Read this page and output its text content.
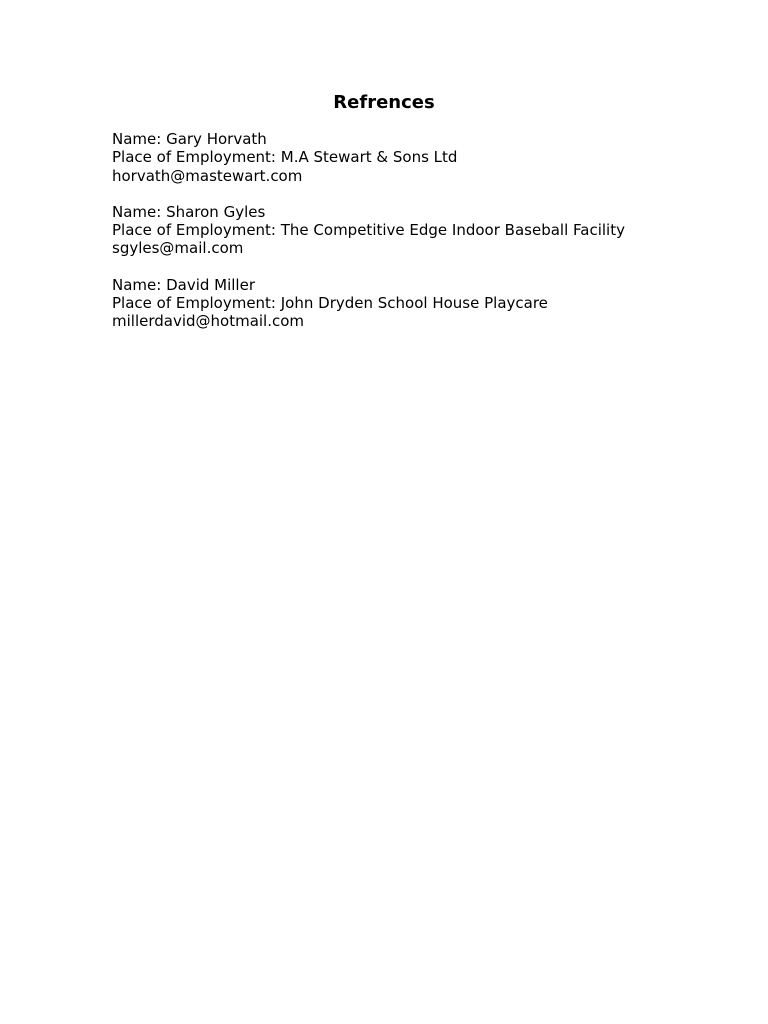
Refrences
Name: Gary Horvath
Place of Employment: M.A Stewart & Sons Ltd
horvath@mastewart.com
Name: Sharon Gyles
Place of Employment: The Competitive Edge Indoor Baseball Facility
sgyles@mail.com
Name: David Miller
Place of Employment: John Dryden School House Playcare
millerdavid@hotmail.com
